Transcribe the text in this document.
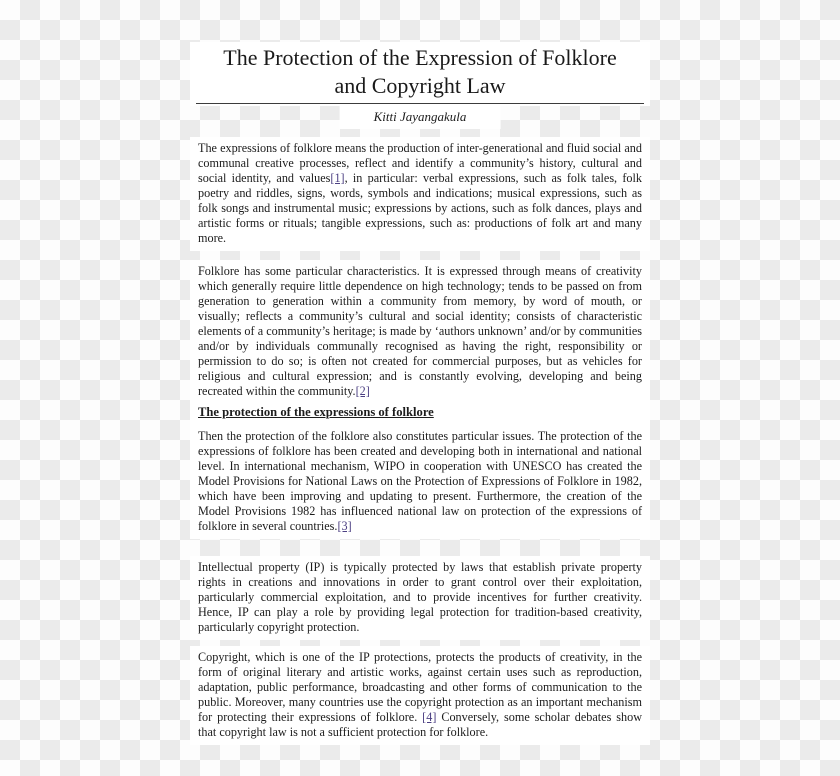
The Protection of the Expression of Folklore
and Copyright Law
Kitti Jayangakula
The expressions of folklore means the production of inter-generational and fluid social and communal creative processes, reflect and identify a community’s history, cultural and social identity, and values[1], in particular: verbal expressions, such as folk tales, folk poetry and riddles, signs, words, symbols and indications; musical expressions, such as folk songs and instrumental music; expressions by actions, such as folk dances, plays and artistic forms or rituals; tangible expressions, such as: productions of folk art and many more.
Folklore has some particular characteristics. It is expressed through means of creativity which generally require little dependence on high technology; tends to be passed on from generation to generation within a community from memory, by word of mouth, or visually; reflects a community’s cultural and social identity; consists of characteristic elements of a community’s heritage; is made by ‘authors unknown’ and/or by communities and/or by individuals communally recognised as having the right, responsibility or permission to do so; is often not created for commercial purposes, but as vehicles for religious and cultural expression; and is constantly evolving, developing and being recreated within the community.[2]
The protection of the expressions of folklore
Then the protection of the folklore also constitutes particular issues. The protection of the expressions of folklore has been created and developing both in international and national level. In international mechanism, WIPO in cooperation with UNESCO has created the Model Provisions for National Laws on the Protection of Expressions of Folklore in 1982, which have been improving and updating to present. Furthermore, the creation of the Model Provisions 1982 has influenced national law on protection of the expressions of folklore in several countries.[3]
Intellectual property (IP) is typically protected by laws that establish private property rights in creations and innovations in order to grant control over their exploitation, particularly commercial exploitation, and to provide incentives for further creativity. Hence, IP can play a role by providing legal protection for tradition-based creativity, particularly copyright protection.
Copyright, which is one of the IP protections, protects the products of creativity, in the form of original literary and artistic works, against certain uses such as reproduction, adaptation, public performance, broadcasting and other forms of communication to the public. Moreover, many countries use the copyright protection as an important mechanism for protecting their expressions of folklore. [4] Conversely, some scholar debates show that copyright law is not a sufficient protection for folklore.
